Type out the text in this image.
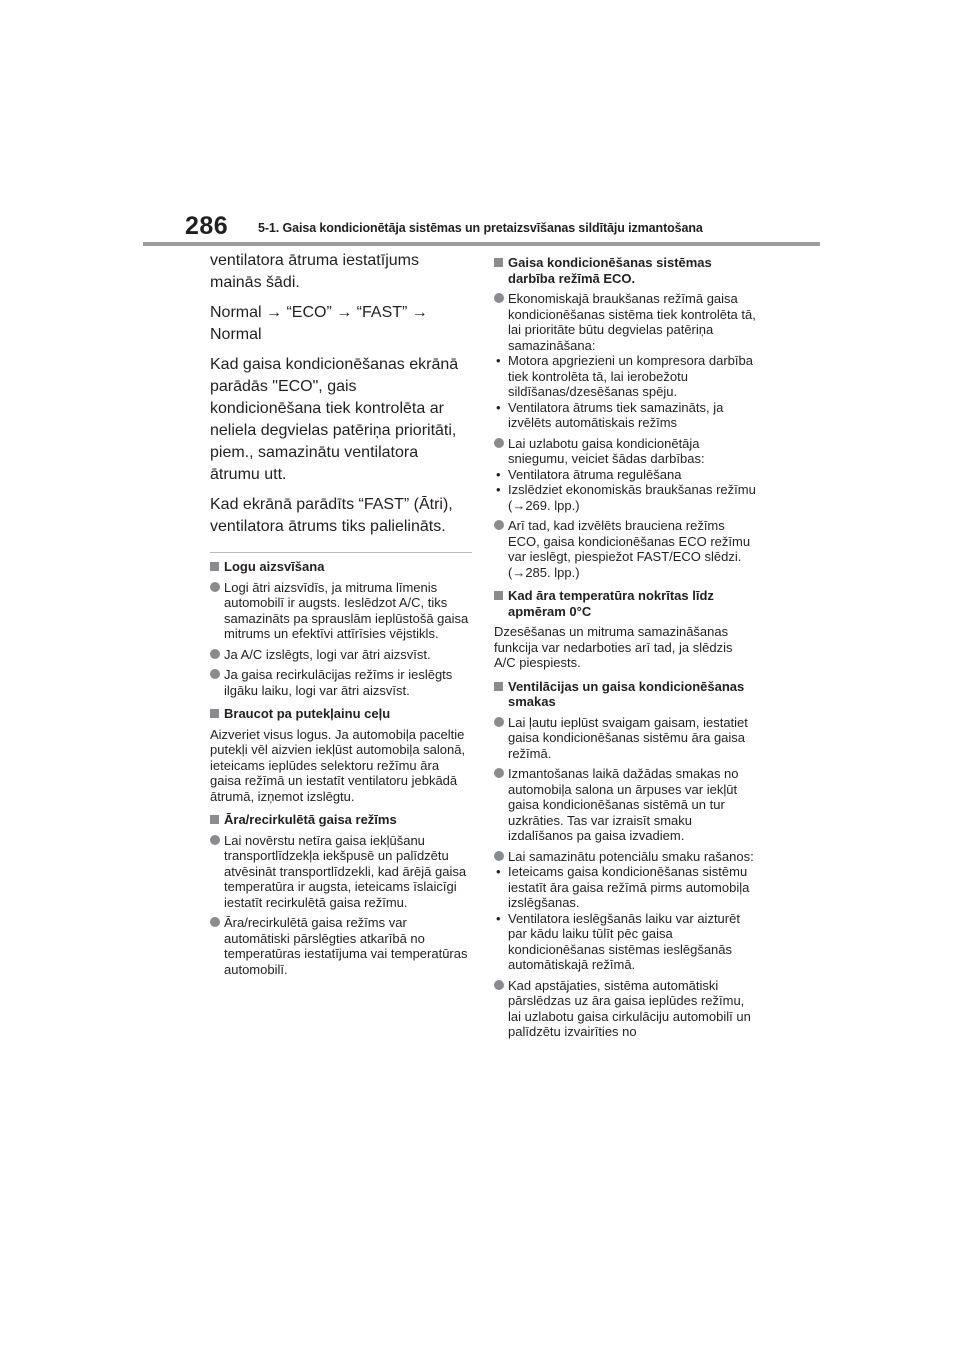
286 5-1. Gaisa kondicionētāja sistēmas un pretaizsvīšanas sildītāju izmantošana

ventilatora ātruma iestatījums mainās šādi.

Normal → “ECO” → “FAST” → Normal

Kad gaisa kondicionēšanas ekrānā parādās "ECO", gais kondicionēšana tiek kontrolēta ar neliela degvielas patēriņa prioritāti, piem., samazinātu ventilatora ātrumu utt.

Kad ekrānā parādīts “FAST” (Ātri), ventilatora ātrums tiks palielināts.

Logu aizsvīšana
Logi ātri aizsvīdīs, ja mitruma līmenis automobilī ir augsts. Ieslēdzot A/C, tiks samazināts pa sprauslām ieplūstošā gaisa mitrums un efektīvi attīrīsies vējstikls.
Ja A/C izslēgts, logi var ātri aizsvīst.
Ja gaisa recirkulācijas režīms ir ieslēgts ilgāku laiku, logi var ātri aizsvīst.
Braucot pa putekļainu ceļu
Aizveriet visus logus. Ja automobiļa paceltie putekļi vēl aizvien iekļūst automobiļa salonā, ieteicams ieplūdes selektoru režīmu āra gaisa režīmā un iestatīt ventilatoru jebkādā ātrumā, izņemot izslēgtu.
Āra/recirkulētā gaisa režīms
Lai novērstu netīra gaisa iekļūšanu transportlīdzekļa iekšpusē un palīdzētu atvēsināt transportlīdzekli, kad ārējā gaisa temperatūra ir augsta, ieteicams īslaicīgi iestatīt recirkulētā gaisa režīmu.
Āra/recirkulētā gaisa režīms var automātiski pārslēgties atkarībā no temperatūras iestatījuma vai temperatūras automobilī.
Gaisa kondicionēšanas sistēmas darbība režīmā ECO.
Ekonomiskajā braukšanas režīmā gaisa kondicionēšanas sistēma tiek kontrolēta tā, lai prioritāte būtu degvielas patēriņa samazināšana:
• Motora apgriezieni un kompresora darbība tiek kontrolēta tā, lai ierobežotu sildīšanas/dzesēšanas spēju.
• Ventilatora ātrums tiek samazināts, ja izvēlēts automātiskais režīms
Lai uzlabotu gaisa kondicionētāja sniegumu, veiciet šādas darbības:
• Ventilatora ātruma regulēšana
• Izslēdziet ekonomiskās braukšanas režīmu (→269. lpp.)
Arī tad, kad izvēlēts brauciena režīms ECO, gaisa kondicionēšanas ECO režīmu var ieslēgt, piespiežot FAST/ECO slēdzi. (→285. lpp.)
Kad āra temperatūra nokrītas līdz apmēram 0°C
Dzesēšanas un mitruma samazināšanas funkcija var nedarboties arī tad, ja slēdzis A/C piespiests.
Ventilācijas un gaisa kondicionēšanas smakas
Lai ļautu ieplūst svaigam gaisam, iestatiet gaisa kondicionēšanas sistēmu āra gaisa režīmā.
Izmantošanas laikā dažādas smakas no automobiļa salona un ārpuses var iekļūt gaisa kondicionēšanas sistēmā un tur uzkrāties. Tas var izraisīt smaku izdalīšanos pa gaisa izvadiem.
Lai samazinātu potenciālu smaku rašanos:
• Ieteicams gaisa kondicionēšanas sistēmu iestatīt āra gaisa režīmā pirms automobiļa izslēgšanas.
• Ventilatora ieslēgšanās laiku var aizturēt par kādu laiku tūlīt pēc gaisa kondicionēšanas sistēmas ieslēgšanās automātiskajā režīmā.
Kad apstājaties, sistēma automātiski pārslēdzas uz āra gaisa ieplūdes režīmu, lai uzlabotu gaisa cirkulāciju automobilī un palīdzētu izvairīties no
